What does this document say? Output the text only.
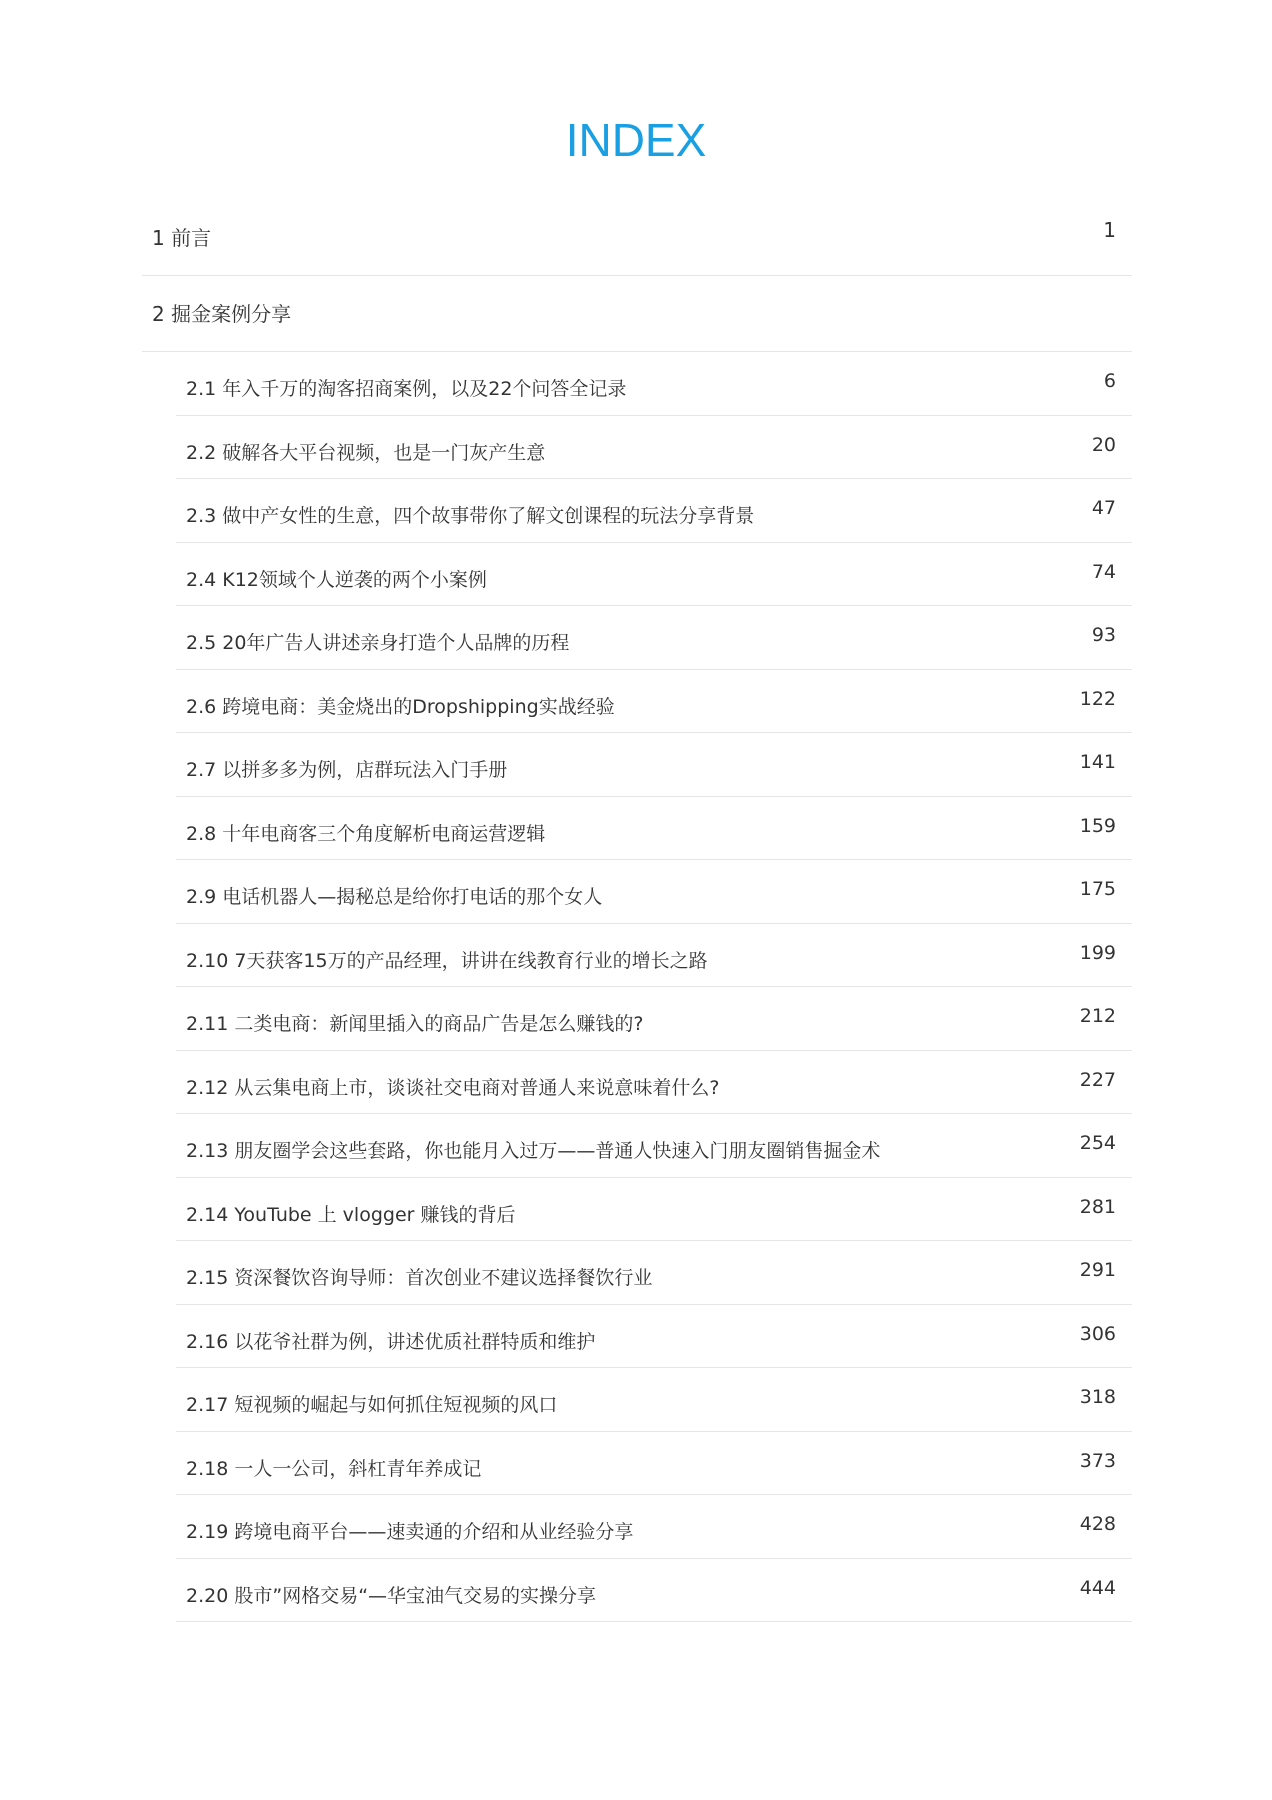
INDEX
1 前言	1
2 掘金案例分享
2.1 年入千万的淘客招商案例，以及22个问答全记录	6
2.2 破解各大平台视频，也是一门灰产生意	20
2.3 做中产女性的生意，四个故事带你了解文创课程的玩法分享背景	47
2.4 K12领域个人逆袭的两个小案例	74
2.5 20年广告人讲述亲身打造个人品牌的历程	93
2.6 跨境电商：美金烧出的Dropshipping实战经验	122
2.7 以拼多多为例，店群玩法入门手册	141
2.8 十年电商客三个角度解析电商运营逻辑	159
2.9 电话机器人—揭秘总是给你打电话的那个女人	175
2.10 7天获客15万的产品经理，讲讲在线教育行业的增长之路	199
2.11 二类电商：新闻里插入的商品广告是怎么赚钱的?	212
2.12 从云集电商上市，谈谈社交电商对普通人来说意味着什么?	227
2.13 朋友圈学会这些套路，你也能月入过万——普通人快速入门朋友圈销售掘金术	254
2.14 YouTube 上 vlogger 赚钱的背后	281
2.15 资深餐饮咨询导师：首次创业不建议选择餐饮行业	291
2.16 以花爷社群为例，讲述优质社群特质和维护	306
2.17 短视频的崛起与如何抓住短视频的风口	318
2.18 一人一公司，斜杠青年养成记	373
2.19 跨境电商平台——速卖通的介绍和从业经验分享	428
2.20 股市”网格交易“—华宝油气交易的实操分享	444
